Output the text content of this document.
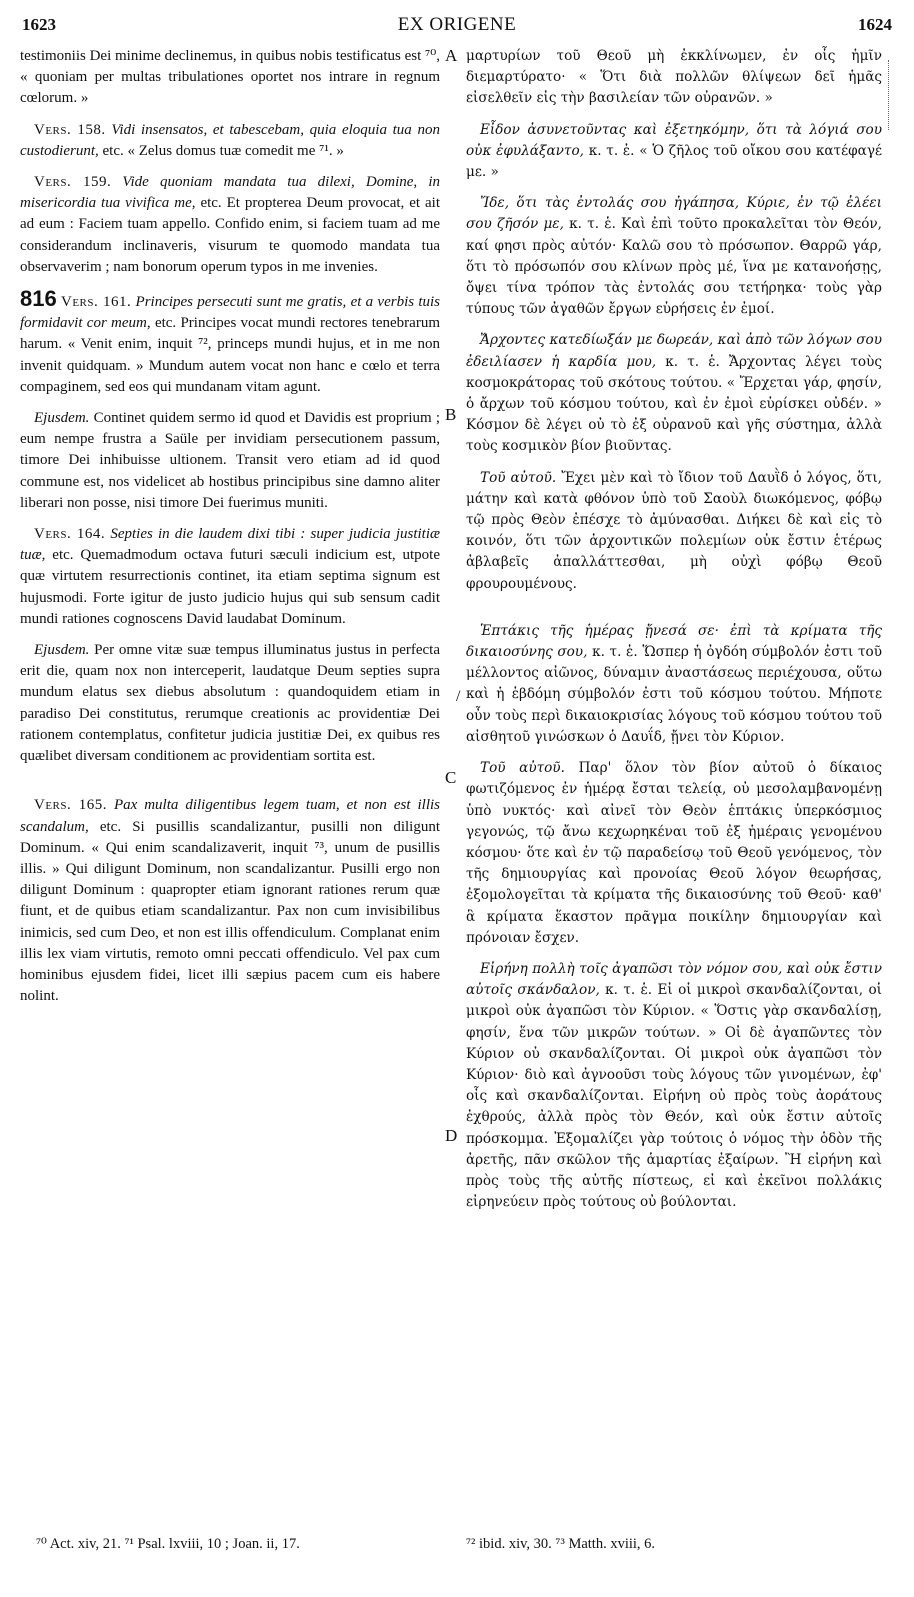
1623	EX ORIGENE	1624

testimoniis Dei minime declinemus, in quibus nobis testificatus est ⁷⁰, « quoniam per multas tribulationes oportet nos intrare in regnum cœlorum. »

Vers. 158. Vidi insensatos, et tabescebam, quia eloquia tua non custodierunt, etc. « Zelus domus tuæ comedit me ⁷¹. »

Vers. 159. Vide quoniam mandata tua dilexi, Domine, in misericordia tua vivifica me, etc. Et propterea Deum provocat, et ait ad eum : Faciem tuam appello. Confido enim, si faciem tuam ad me considerandum inclinaveris, visurum te quomodo mandata tua observaverim ; nam bonorum operum typos in me invenies.

816 Vers. 161. Principes persecuti sunt me gratis, et a verbis tuis formidavit cor meum, etc. Principes vocat mundi rectores tenebrarum harum. « Venit enim, inquit ⁷², princeps mundi hujus, et in me non invenit quidquam. » Mundum autem vocat non hanc e cœlo et terra compaginem, sed eos qui mundanam vitam agunt.

Ejusdem. Continet quidem sermo id quod et Davidis est proprium ; eum nempe frustra a Saüle per invidiam persecutionem passum, timore Dei inhibuisse ultionem. Transit vero etiam ad id quod commune est, nos videlicet ab hostibus principibus sine damno aliter liberari non posse, nisi timore Dei fuerimus muniti.

Vers. 164. Septies in die laudem dixi tibi : super judicia justitiæ tuæ, etc. Quemadmodum octava futuri sæculi indicium est, utpote quæ virtutem resurrectionis continet, ita etiam septima signum est hujusmodi. Forte igitur de justo judicio hujus qui sub sensum cadit mundi rationes cognoscens David laudabat Dominum.

Ejusdem. Per omne vitæ suæ tempus illuminatus justus in perfecta erit die, quam nox non interceperit, laudatque Deum septies supra mundum elatus sex diebus absolutum : quandoquidem etiam in paradiso Dei constitutus, rerumque creationis ac providentiæ Dei rationem contemplatus, confitetur judicia justitiæ Dei, ex quibus res quælibet diversam conditionem ac providentiam sortita est.

Vers. 165. Pax multa diligentibus legem tuam, et non est illis scandalum, etc. Si pusillis scandalizantur, pusilli non diligunt Dominum. « Qui enim scandalizaverit, inquit ⁷³, unum de pusillis illis. » Qui diligunt Dominum, non scandalizantur. Pusilli ergo non diligunt Dominum : quapropter etiam ignorant rationes rerum quæ fiunt, et de quibus etiam scandalizantur. Pax non cum invisibilibus inimicis, sed cum Deo, et non est illis offendiculum. Complanat enim illis lex viam virtutis, remoto omni peccati offendiculo. Vel pax cum hominibus ejusdem fidei, licet illi sæpius pacem cum eis habere nolint.

A
B
C
D
/

μαρτυρίων τοῦ Θεοῦ μὴ ἐκκλίνωμεν, ἐν οἷς ἡμῖν διεμαρτύρατο· « Ὅτι διὰ πολλῶν θλίψεων δεῖ ἡμᾶς εἰσελθεῖν εἰς τὴν βασιλείαν τῶν οὐρανῶν. »

Εἶδον ἀσυνετοῦντας καὶ ἐξετηκόμην, ὅτι τὰ λόγιά σου οὐκ ἐφυλάξαντο, κ. τ. ἑ. « Ὁ ζῆλος τοῦ οἴκου σου κατέφαγέ με. »

Ἴδε, ὅτι τὰς ἐντολάς σου ἠγάπησα, Κύριε, ἐν τῷ ἐλέει σου ζῆσόν με, κ. τ. ἑ. Καὶ ἐπὶ τοῦτο προκαλεῖται τὸν Θεόν, καί φησι πρὸς αὐτόν· Καλῶ σου τὸ πρόσωπον. Θαρρῶ γάρ, ὅτι τὸ πρόσωπόν σου κλίνων πρὸς μέ, ἵνα με κατανοήσῃς, ὄψει τίνα τρόπον τὰς ἐντολάς σου τετήρηκα· τοὺς γὰρ τύπους τῶν ἀγαθῶν ἔργων εὑρήσεις ἐν ἐμοί.

Ἄρχοντες κατεδίωξάν με δωρεάν, καὶ ἀπὸ τῶν λόγων σου ἐδειλίασεν ἡ καρδία μου, κ. τ. ἑ. Ἄρχοντας λέγει τοὺς κοσμοκράτορας τοῦ σκότους τούτου. « Ἔρχεται γάρ, φησίν, ὁ ἄρχων τοῦ κόσμου τούτου, καὶ ἐν ἐμοὶ εὑρίσκει οὐδέν. » Κόσμον δὲ λέγει οὐ τὸ ἐξ οὐρανοῦ καὶ γῆς σύστημα, ἀλλὰ τοὺς κοσμικὸν βίον βιοῦντας.

Τοῦ αὐτοῦ. Ἔχει μὲν καὶ τὸ ἴδιον τοῦ Δαυῒδ ὁ λόγος, ὅτι, μάτην καὶ κατὰ φθόνον ὑπὸ τοῦ Σαοὺλ διωκόμενος, φόβῳ τῷ πρὸς Θεὸν ἐπέσχε τὸ ἀμύνασθαι. Διήκει δὲ καὶ εἰς τὸ κοινόν, ὅτι τῶν ἀρχοντικῶν πολεμίων οὐκ ἔστιν ἑτέρως ἀβλαβεῖς ἀπαλλάττεσθαι, μὴ οὐχὶ φόβῳ Θεοῦ φρουρουμένους.

Ἑπτάκις τῆς ἡμέρας ᾔνεσά σε· ἐπὶ τὰ κρίματα τῆς δικαιοσύνης σου, κ. τ. ἑ. Ὥσπερ ἡ ὀγδόη σύμβολόν ἐστι τοῦ μέλλοντος αἰῶνος, δύναμιν ἀναστάσεως περιέχουσα, οὕτω καὶ ἡ ἑβδόμη σύμβολόν ἐστι τοῦ κόσμου τούτου. Μήποτε οὖν τοὺς περὶ δικαιοκρισίας λόγους τοῦ κόσμου τούτου τοῦ αἰσθητοῦ γινώσκων ὁ Δαυΐδ, ᾔνει τὸν Κύριον.

Τοῦ αὐτοῦ. Παρ' ὅλον τὸν βίον αὐτοῦ ὁ δίκαιος φωτιζόμενος ἐν ἡμέρᾳ ἔσται τελείᾳ, οὐ μεσολαμβανομένῃ ὑπὸ νυκτός· καὶ αἰνεῖ τὸν Θεὸν ἑπτάκις ὑπερκόσμιος γεγονώς, τῷ ἄνω κεχωρηκέναι τοῦ ἐξ ἡμέραις γενομένου κόσμου· ὅτε καὶ ἐν τῷ παραδείσῳ τοῦ Θεοῦ γενόμενος, τὸν τῆς δημιουργίας καὶ προνοίας Θεοῦ λόγον θεωρήσας, ἐξομολογεῖται τὰ κρίματα τῆς δικαιοσύνης τοῦ Θεοῦ· καθ' ἃ κρίματα ἕκαστον πρᾶγμα ποικίλην δημιουργίαν καὶ πρόνοιαν ἔσχεν.

Εἰρήνη πολλὴ τοῖς ἀγαπῶσι τὸν νόμον σου, καὶ οὐκ ἔστιν αὐτοῖς σκάνδαλον, κ. τ. ἑ. Εἰ οἱ μικροὶ σκανδαλίζονται, οἱ μικροὶ οὐκ ἀγαπῶσι τὸν Κύριον. « Ὅστις γὰρ σκανδαλίσῃ, φησίν, ἕνα τῶν μικρῶν τούτων. » Οἱ δὲ ἀγαπῶντες τὸν Κύριον οὐ σκανδαλίζονται. Οἱ μικροὶ οὐκ ἀγαπῶσι τὸν Κύριον· διὸ καὶ ἀγνοοῦσι τοὺς λόγους τῶν γινομένων, ἐφ' οἷς καὶ σκανδαλίζονται. Εἰρήνη οὐ πρὸς τοὺς ἀοράτους ἐχθρούς, ἀλλὰ πρὸς τὸν Θεόν, καὶ οὐκ ἔστιν αὐτοῖς πρόσκομμα. Ἐξομαλίζει γὰρ τούτοις ὁ νόμος τὴν ὁδὸν τῆς ἀρετῆς, πᾶν σκῶλον τῆς ἁμαρτίας ἐξαίρων. Ἢ εἰρήνη καὶ πρὸς τοὺς τῆς αὐτῆς πίστεως, εἰ καὶ ἐκεῖνοι πολλάκις εἰρηνεύειν πρὸς τούτους οὐ βούλονται.

⁷⁰ Act. xiv, 21. ⁷¹ Psal. lxviii, 10 ; Joan. ii, 17.	⁷² ibid. xiv, 30. ⁷³ Matth. xviii, 6.
